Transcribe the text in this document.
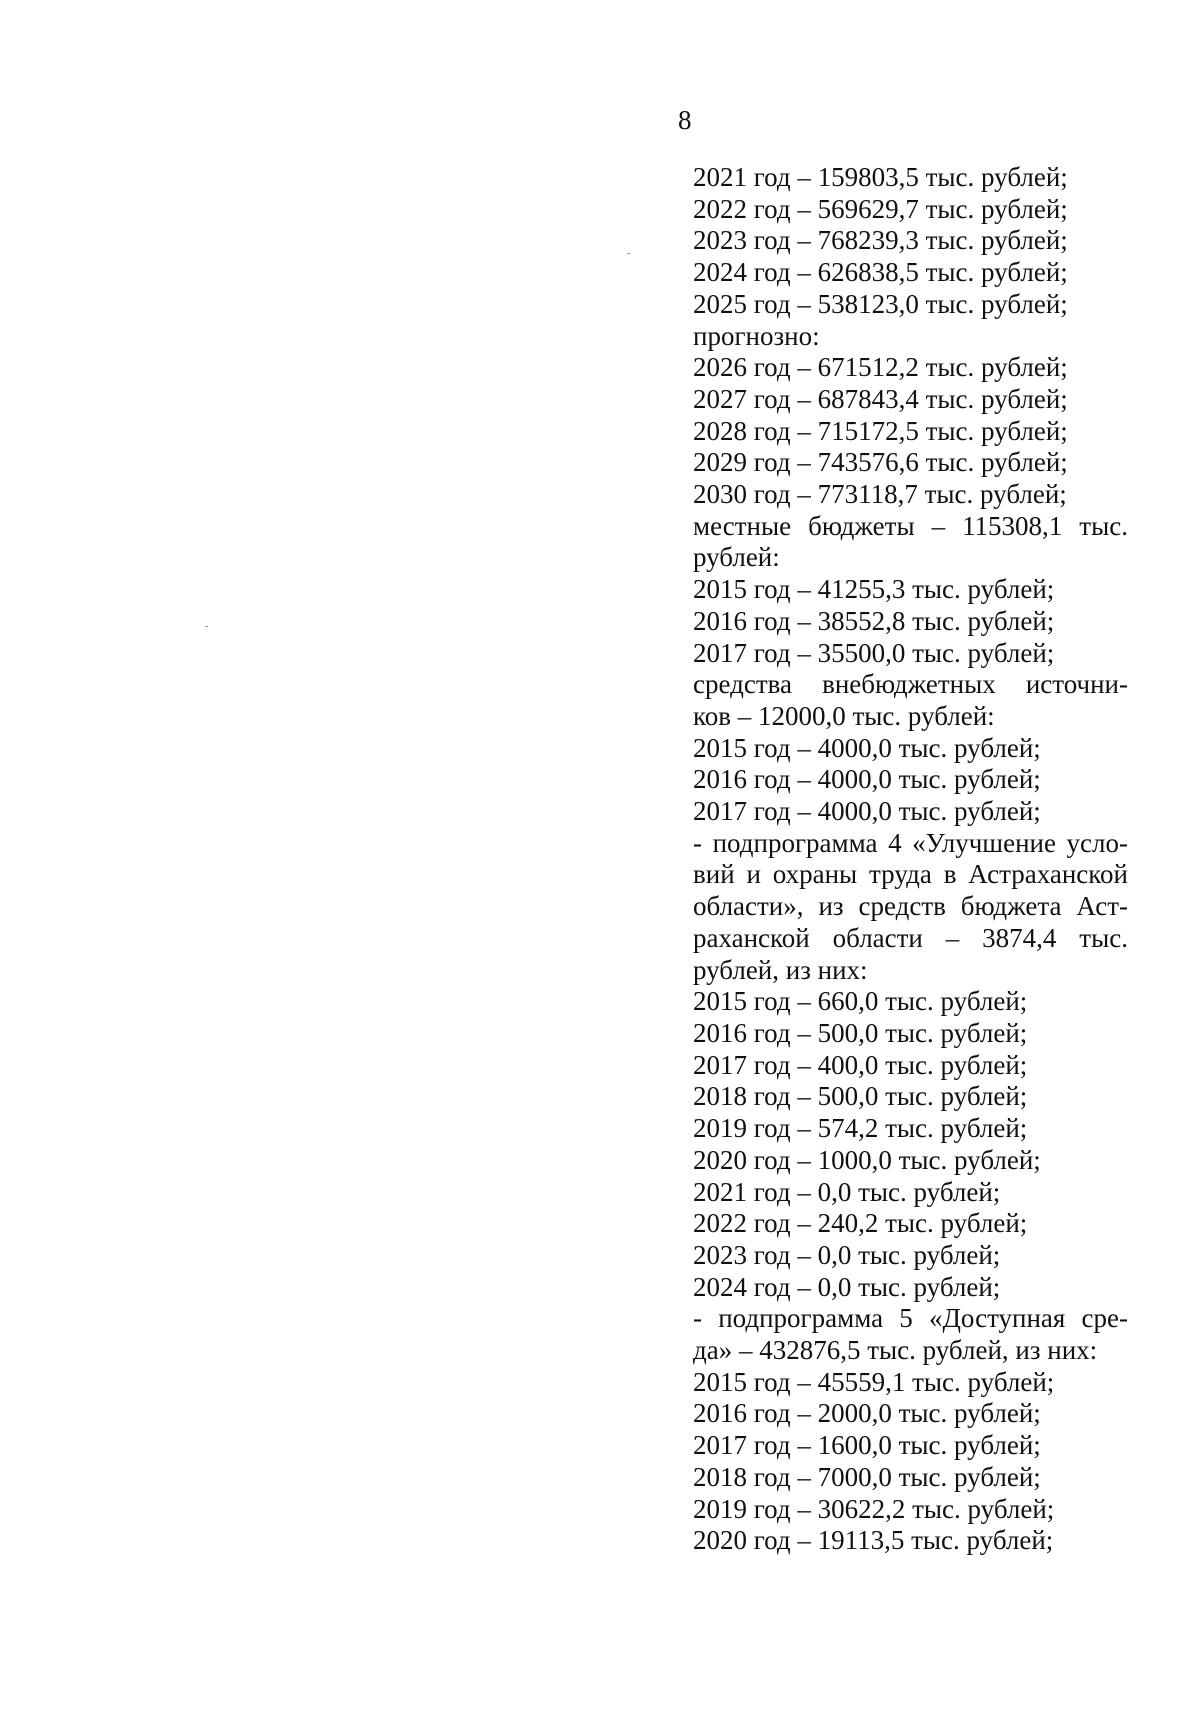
8
2021 год – 159803,5 тыс. рублей;
2022 год – 569629,7 тыс. рублей;
2023 год – 768239,3 тыс. рублей;
2024 год – 626838,5 тыс. рублей;
2025 год – 538123,0 тыс. рублей;
прогнозно:
2026 год – 671512,2 тыс. рублей;
2027 год – 687843,4 тыс. рублей;
2028 год – 715172,5 тыс. рублей;
2029 год – 743576,6 тыс. рублей;
2030 год – 773118,7 тыс. рублей;
местные бюджеты – 115308,1 тыс.
рублей:
2015 год – 41255,3 тыс. рублей;
2016 год – 38552,8 тыс. рублей;
2017 год – 35500,0 тыс. рублей;
средства внебюджетных источни-
ков – 12000,0 тыс. рублей:
2015 год – 4000,0 тыс. рублей;
2016 год – 4000,0 тыс. рублей;
2017 год – 4000,0 тыс. рублей;
- подпрограмма 4 «Улучшение усло-
вий и охраны труда в Астраханской
области», из средств бюджета Аст-
раханской области – 3874,4 тыс.
рублей, из них:
2015 год – 660,0 тыс. рублей;
2016 год – 500,0 тыс. рублей;
2017 год – 400,0 тыс. рублей;
2018 год – 500,0 тыс. рублей;
2019 год – 574,2 тыс. рублей;
2020 год – 1000,0 тыс. рублей;
2021 год – 0,0 тыс. рублей;
2022 год – 240,2 тыс. рублей;
2023 год – 0,0 тыс. рублей;
2024 год – 0,0 тыс. рублей;
- подпрограмма 5 «Доступная сре-
да» – 432876,5 тыс. рублей, из них:
2015 год – 45559,1 тыс. рублей;
2016 год – 2000,0 тыс. рублей;
2017 год – 1600,0 тыс. рублей;
2018 год – 7000,0 тыс. рублей;
2019 год – 30622,2 тыс. рублей;
2020 год – 19113,5 тыс. рублей;
